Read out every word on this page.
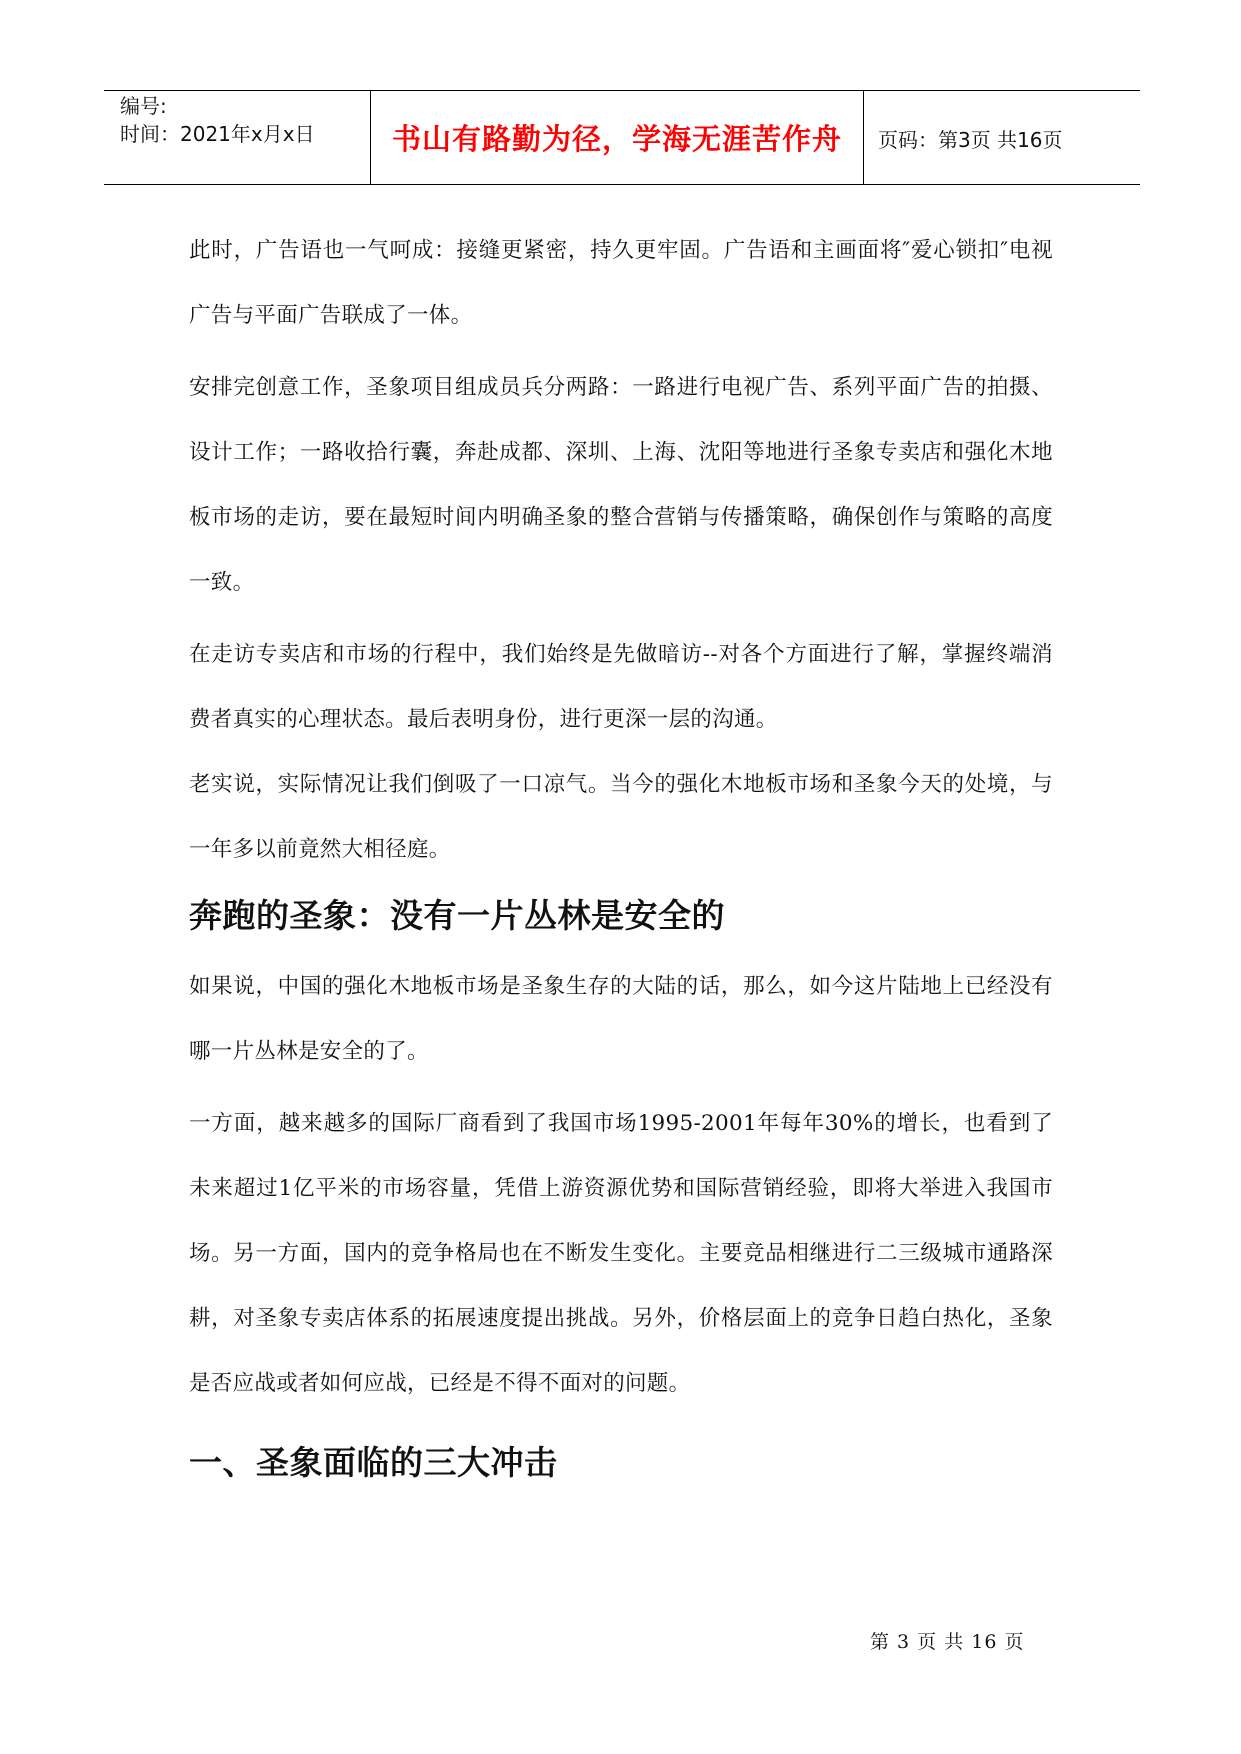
编号:
时间：2021年x月x日	书山有路勤为径，学海无涯苦作舟	页码：第3页 共16页

此时，广告语也一气呵成：接缝更紧密，持久更牢固。广告语和主画面将″爱心锁扣″电视广告与平面广告联成了一体。

安排完创意工作，圣象项目组成员兵分两路：一路进行电视广告、系列平面广告的拍摄、设计工作；一路收拾行囊，奔赴成都、深圳、上海、沈阳等地进行圣象专卖店和强化木地板市场的走访，要在最短时间内明确圣象的整合营销与传播策略，确保创作与策略的高度一致。

在走访专卖店和市场的行程中，我们始终是先做暗访--对各个方面进行了解，掌握终端消费者真实的心理状态。最后表明身份，进行更深一层的沟通。

老实说，实际情况让我们倒吸了一口凉气。当今的强化木地板市场和圣象今天的处境，与一年多以前竟然大相径庭。

奔跑的圣象：没有一片丛林是安全的

如果说，中国的强化木地板市场是圣象生存的大陆的话，那么，如今这片陆地上已经没有哪一片丛林是安全的了。

一方面，越来越多的国际厂商看到了我国市场1995-2001年每年30%的增长，也看到了未来超过1亿平米的市场容量，凭借上游资源优势和国际营销经验，即将大举进入我国市场。另一方面，国内的竞争格局也在不断发生变化。主要竞品相继进行二三级城市通路深耕，对圣象专卖店体系的拓展速度提出挑战。另外，价格层面上的竞争日趋白热化，圣象是否应战或者如何应战，已经是不得不面对的问题。

一、圣象面临的三大冲击
第 3 页 共 16 页
